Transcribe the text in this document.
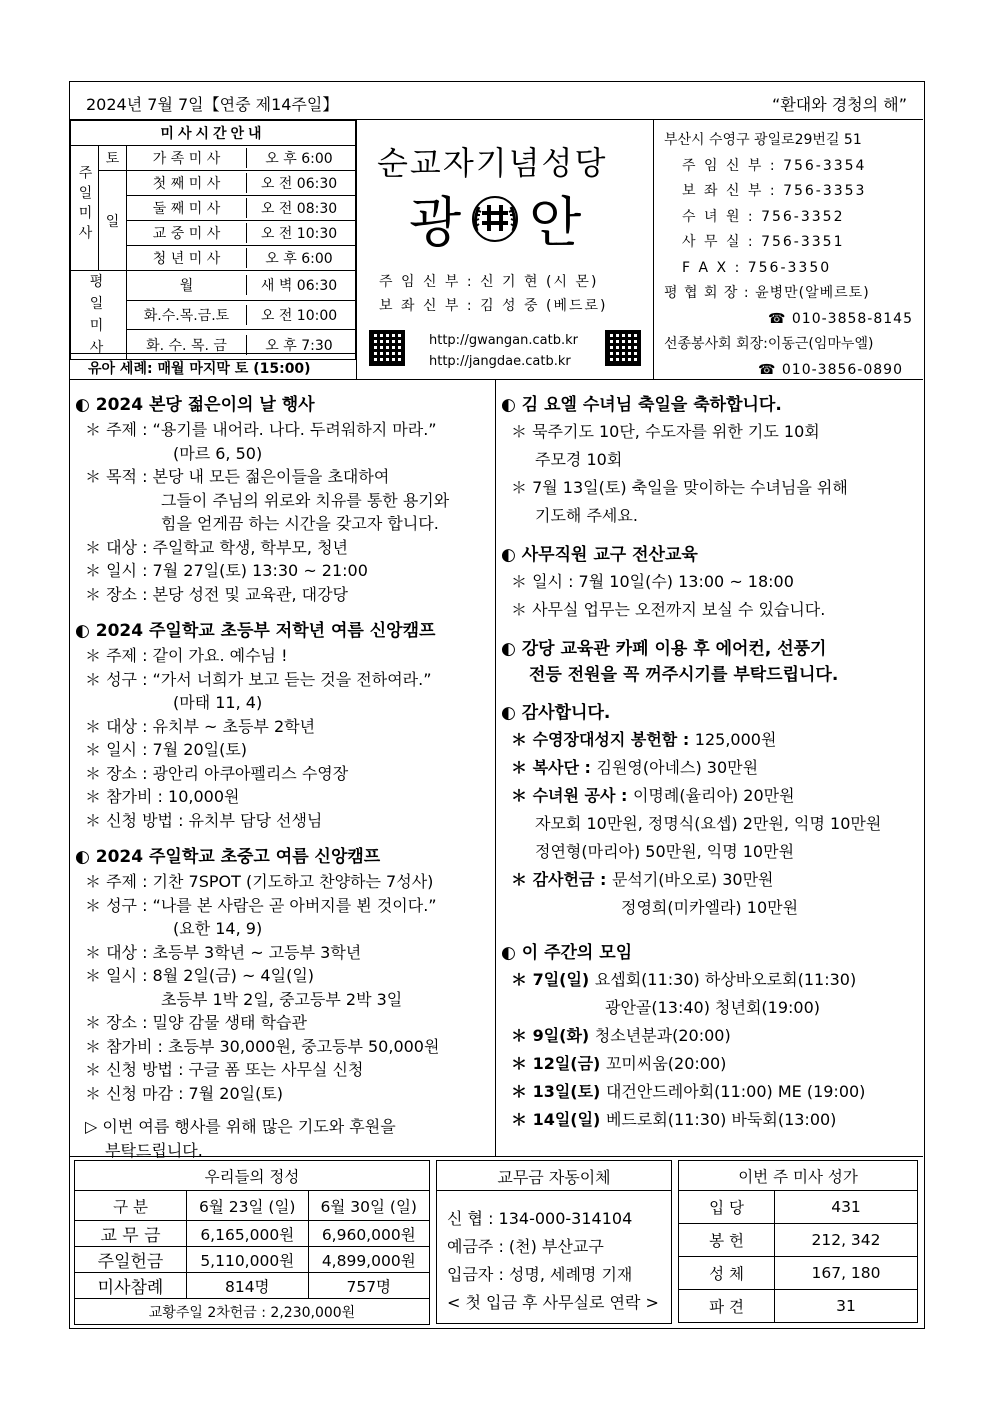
2024년 7월 7일【연중 제14주일】	“환대와 경청의 해”
미사시간안내		
주일미사	토	가 족 미 사 오 후 6:00
	일	첫 째 미 사 오 전 06:30
		둘 째 미 사 오 전 08:30
		교 중 미 사 오 전 10:30
		청 년 미 사 오 후 6:00
평일미사		월 새 벽 06:30
		화.수.목.금.토 오 전 10:00
		화. 수. 목. 금 오 후 7:30
유아 세례: 매월 마지막 토 (15:00)
순교자기념성당
광 안
주 임 신 부 : 신 기 현 (시 몬)
보 좌 신 부 : 김 성 중 (베드로)
http://gwangan.catb.kr
http://jangdae.catb.kr
부산시 수영구 광일로29번길 51
주 임 신 부 : 756-3354
보 좌 신 부 : 756-3353
수 녀 원 : 756-3352
사 무 실 : 756-3351
F A X : 756-3350
평 협 회 장 : 윤병만(알베르토)
☎ 010-3858-8145
선종봉사회 회장:이동근(임마누엘)
☎ 010-3856-0890
◐ 2024 본당 젊은이의 날 행사
＊ 주제 : “용기를 내어라. 나다. 두려워하지 마라.”
(마르 6, 50)
＊ 목적 : 본당 내 모든 젊은이들을 초대하여
그들이 주님의 위로와 치유를 통한 용기와
힘을 얻게끔 하는 시간을 갖고자 합니다.
＊ 대상 : 주일학교 학생, 학부모, 청년
＊ 일시 : 7월 27일(토) 13:30 ~ 21:00
＊ 장소 : 본당 성전 및 교육관, 대강당
◐ 2024 주일학교 초등부 저학년 여름 신앙캠프
＊ 주제 : 같이 가요. 예수님 !
＊ 성구 : “가서 너희가 보고 듣는 것을 전하여라.”
(마태 11, 4)
＊ 대상 : 유치부 ~ 초등부 2학년
＊ 일시 : 7월 20일(토)
＊ 장소 : 광안리 아쿠아펠리스 수영장
＊ 참가비 : 10,000원
＊ 신청 방법 : 유치부 담당 선생님
◐ 2024 주일학교 초중고 여름 신앙캠프
＊ 주제 : 기찬 7SPOT (기도하고 찬양하는 7성사)
＊ 성구 : “나를 본 사람은 곧 아버지를 뵌 것이다.”
(요한 14, 9)
＊ 대상 : 초등부 3학년 ~ 고등부 3학년
＊ 일시 : 8월 2일(금) ~ 4일(일)
초등부 1박 2일, 중고등부 2박 3일
＊ 장소 : 밀양 감물 생태 학습관
＊ 참가비 : 초등부 30,000원, 중고등부 50,000원
＊ 신청 방법 : 구글 폼 또는 사무실 신청
＊ 신청 마감 : 7월 20일(토)
▷ 이번 여름 행사를 위해 많은 기도와 후원을
부탁드립니다.
◐ 김 요엘 수녀님 축일을 축하합니다.
＊ 묵주기도 10단, 수도자를 위한 기도 10회
주모경 10회
＊ 7월 13일(토) 축일을 맞이하는 수녀님을 위해
기도해 주세요.
◐ 사무직원 교구 전산교육
＊ 일시 : 7월 10일(수) 13:00 ~ 18:00
＊ 사무실 업무는 오전까지 보실 수 있습니다.
◐ 강당 교육관 카페 이용 후 에어컨, 선풍기
전등 전원을 꼭 꺼주시기를 부탁드립니다.
◐ 감사합니다.
＊ 수영장대성지 봉헌함 : 125,000원
＊ 복사단 : 김원영(아네스) 30만원
＊ 수녀원 공사 : 이명례(율리아) 20만원
자모회 10만원, 정명식(요셉) 2만원, 익명 10만원
정연형(마리아) 50만원, 익명 10만원
＊ 감사헌금 : 문석기(바오로) 30만원
정영희(미카엘라) 10만원
◐ 이 주간의 모임
＊ 7일(일) 요셉회(11:30) 하상바오로회(11:30)
광안골(13:40) 청년회(19:00)
＊ 9일(화) 청소년분과(20:00)
＊ 12일(금) 꼬미씨움(20:00)
＊ 13일(토) 대건안드레아회(11:00) ME (19:00)
＊ 14일(일) 베드로회(11:30) 바둑회(13:00)
우리들의 정성		
구 분	6월 23일 (일)	6월 30일 (일)
교 무 금	6,165,000원	6,960,000원
주일헌금	5,110,000원	4,899,000원
미사참례	814명	757명
교황주일 2차헌금 : 2,230,000원		
교무금 자동이체
신 협 : 134-000-314104
예금주 : (천) 부산교구
입금자 : 성명, 세례명 기재
< 첫 입금 후 사무실로 연락 >
이번 주 미사 성가	
입 당	431
봉 헌	212, 342
성 체	167, 180
파 견	31
